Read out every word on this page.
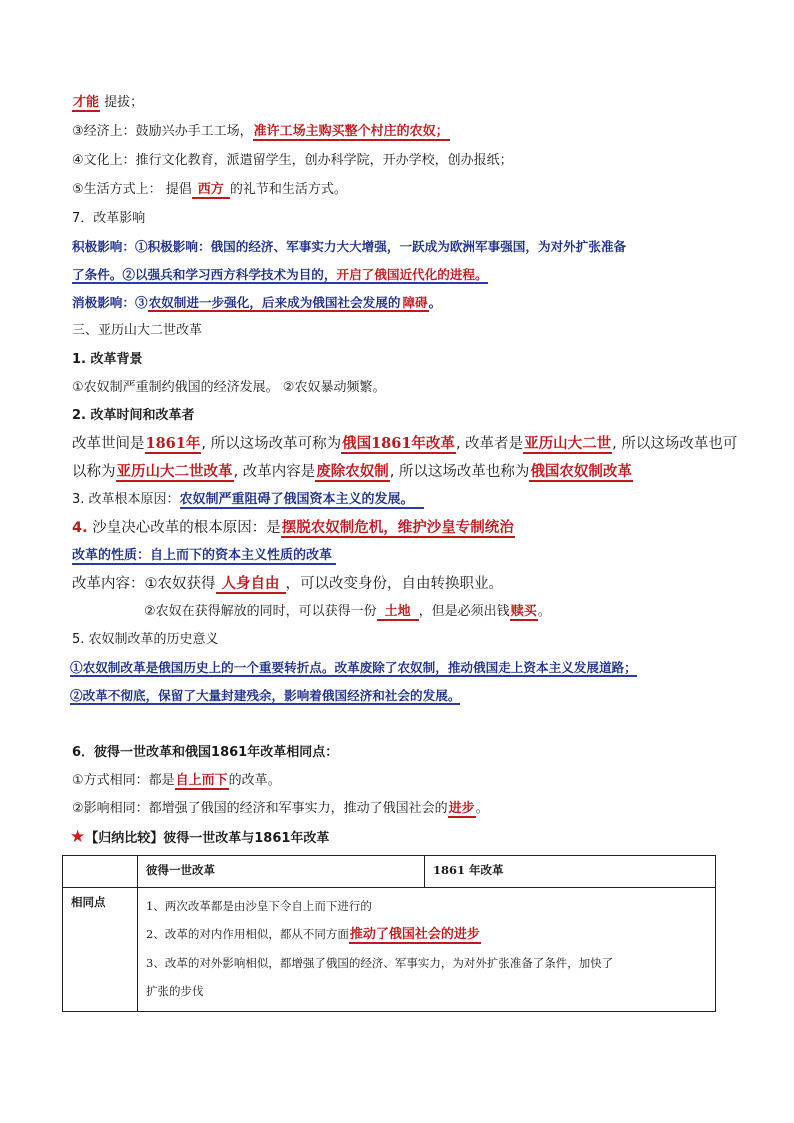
才能 提拔；
③经济上：鼓励兴办手工工场，准许工场主购买整个村庄的农奴；
④文化上：推行文化教育，派遣留学生，创办科学院，开办学校，创办报纸；
⑤生活方式上： 提倡 西方 的礼节和生活方式。
7．改革影响
积极影响：①积极影响：俄国的经济、军事实力大大增强，一跃成为欧洲军事强国，为对外扩张准备
了条件。②以强兵和学习西方科学技术为目的，开启了俄国近代化的进程。
消极影响：③农奴制进一步强化，后来成为俄国社会发展的 障碍。
三、亚历山大二世改革
1. 改革背景
①农奴制严重制约俄国的经济发展。 ②农奴暴动频繁。
2. 改革时间和改革者
改革世间是1861年, 所以这场改革可称为俄国1861年改革, 改革者是亚历山大二世, 所以这场改革也可
以称为亚历山大二世改革, 改革内容是废除农奴制, 所以这场改革也称为俄国农奴制改革
3. 改革根本原因：农奴制严重阻碍了俄国资本主义的发展。
4. 沙皇决心改革的根本原因：是摆脱农奴制危机，维护沙皇专制统治
改革的性质：自上而下的资本主义性质的改革
改革内容：①农奴获得 人身自由 ，可以改变身份，自由转换职业。
②农奴在获得解放的同时，可以获得一份 土地 ，但是必须出钱赎买。
5. 农奴制改革的历史意义
①农奴制改革是俄国历史上的一个重要转折点。改革废除了农奴制，推动俄国走上资本主义发展道路；
②改革不彻底，保留了大量封建残余，影响着俄国经济和社会的发展。
6．彼得一世改革和俄国1861年改革相同点：
①方式相同：都是自上而下的改革。
②影响相同：都增强了俄国的经济和军事实力，推动了俄国社会的进步。
★【归纳比较】彼得一世改革与1861年改革
	彼得一世改革	1861 年改革
相同点	1、两次改革都是由沙皇下令自上而下进行的
2、改革的对内作用相似，都从不同方面推动了俄国社会的进步
3、改革的对外影响相似，都增强了俄国的经济、军事实力，为对外扩张准备了条件，加快了
扩张的步伐	
